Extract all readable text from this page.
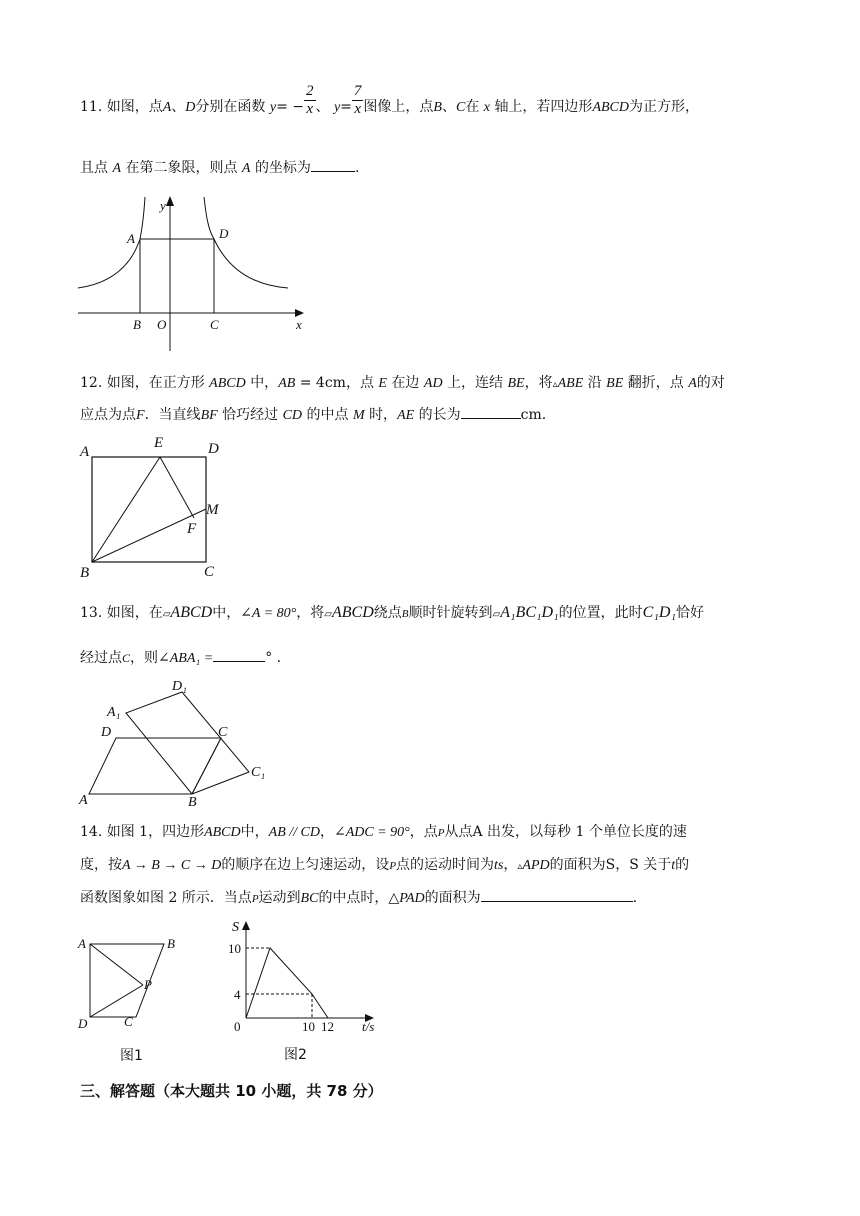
11. 如图，点A、D分别在函数 $y= - \frac{2}{x}$ 、 $y= \frac{7}{x}$ 图像上，点B、C在 x 轴上，若四边形ABCD为正方形，
且点 A 在第二象限，则点 A 的坐标为	.
y
x
A	D
B O	C
12. 如图，在正方形 ABCD 中，AB = 4cm，点 E 在边 AD 上，连结 BE，将▵ABE 沿 BE 翻折，点 A的对
应点为点F．当直线BF 恰巧经过 CD 的中点 M 时，AE 的长为	cm.
A
E	D
M
F
B	C
13. 如图，在▱ABCD中，∠A = 80°，将▱ABCD绕点B顺时针旋转到▱A₁BC₁D₁的位置，此时C₁D₁恰好
经过点C，则∠ABA₁ =	° .
D₁
A₁
D	C
C₁
A	B
14. 如图 1，四边形ABCD中，AB // CD，∠ADC = 90°，点P从点A 出发，以每秒 1 个单位长度的速
度，按A → B → C → D的顺序在边上匀速运动，设P点的运动时间为ts，▵APD的面积为S，S 关于t的
函数图象如图 2 所示．当点P运动到BC的中点时，△PAD的面积为	.
A	B
P
D	C
图1
S
10
4
0	10 12 t/s
图2
三、解答题（本大题共 10 小题，共 78 分）
